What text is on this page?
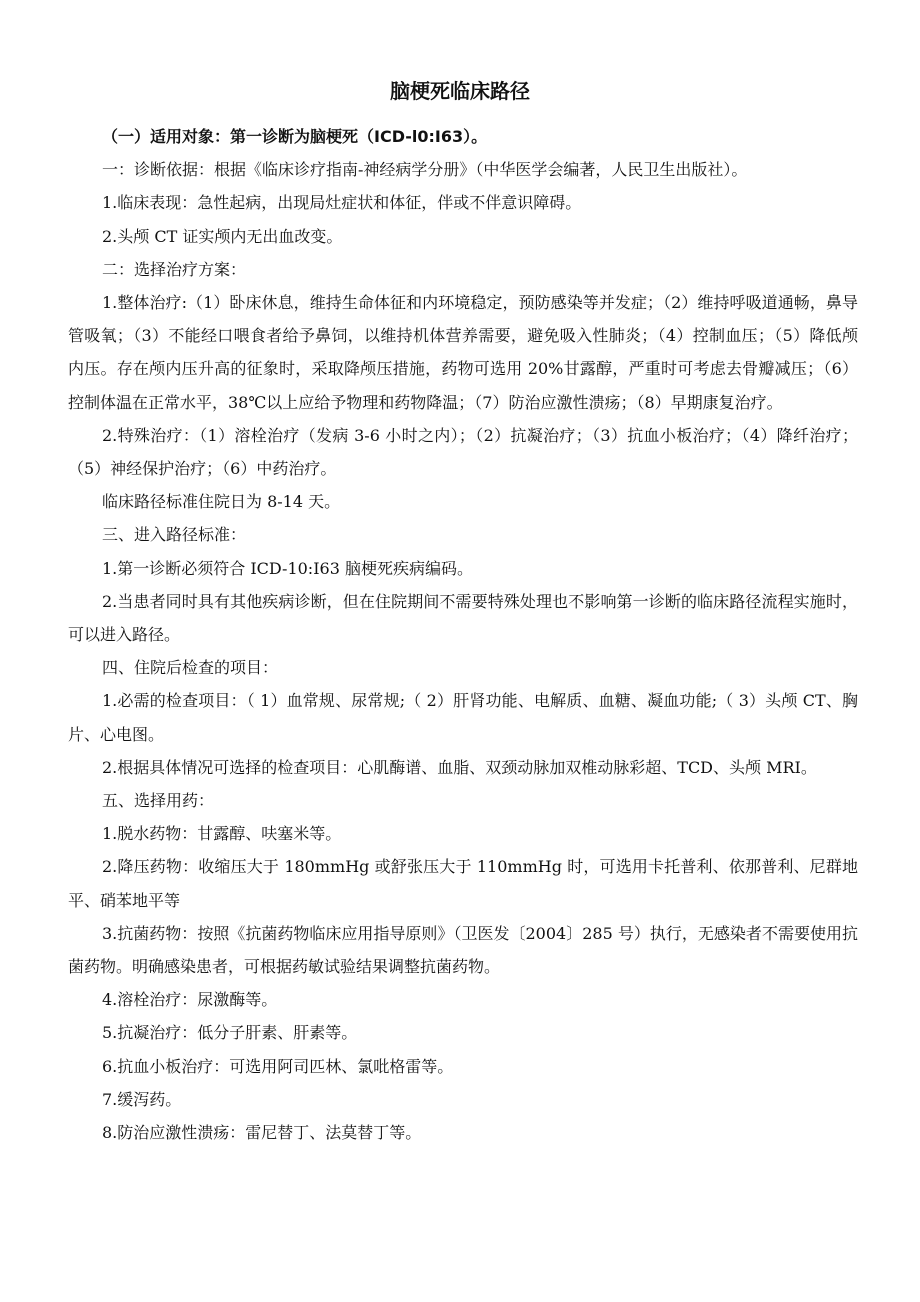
脑梗死临床路径

（一）适用对象：第一诊断为脑梗死（ICD-l0:I63）。

一：诊断依据：根据《临床诊疗指南-神经病学分册》（中华医学会编著，人民卫生出版社）。

1.临床表现：急性起病，出现局灶症状和体征，伴或不伴意识障碍。

2.头颅 CT 证实颅内无出血改变。

二：选择治疗方案：

1.整体治疗:（1）卧床休息，维持生命体征和内环境稳定，预防感染等并发症；（2）维持呼吸道通畅，鼻导管吸氧；（3）不能经口喂食者给予鼻饲，以维持机体营养需要，避免吸入性肺炎；（4）控制血压；（5）降低颅内压。存在颅内压升高的征象时，采取降颅压措施，药物可选用 20%甘露醇，严重时可考虑去骨瓣减压；（6）控制体温在正常水平，38℃以上应给予物理和药物降温；（7）防治应激性溃疡；（8）早期康复治疗。

2.特殊治疗：（1）溶栓治疗（发病 3-6 小时之内）；（2）抗凝治疗；（3）抗血小板治疗；（4）降纤治疗；（5）神经保护治疗；（6）中药治疗。

临床路径标准住院日为 8-14 天。

三、进入路径标准：

1.第一诊断必须符合 ICD-10:I63 脑梗死疾病编码。

2.当患者同时具有其他疾病诊断，但在住院期间不需要特殊处理也不影响第一诊断的临床路径流程实施时，可以进入路径。

四、住院后检查的项目：

1.必需的检查项目：（ 1）血常规、尿常规;（ 2）肝肾功能、电解质、血糖、凝血功能;（ 3）头颅 CT、胸片、心电图。

2.根据具体情况可选择的检查项目：心肌酶谱、血脂、双颈动脉加双椎动脉彩超、TCD、头颅 MRI。

五、选择用药：

1.脱水药物：甘露醇、呋塞米等。

2.降压药物：收缩压大于 180mmHg 或舒张压大于 110mmHg 时，可选用卡托普利、依那普利、尼群地平、硝苯地平等

3.抗菌药物：按照《抗菌药物临床应用指导原则》（卫医发〔2004〕285 号）执行，无感染者不需要使用抗菌药物。明确感染患者，可根据药敏试验结果调整抗菌药物。

4.溶栓治疗：尿激酶等。

5.抗凝治疗：低分子肝素、肝素等。

6.抗血小板治疗：可选用阿司匹林、氯吡格雷等。

7.缓泻药。

8.防治应激性溃疡：雷尼替丁、法莫替丁等。
